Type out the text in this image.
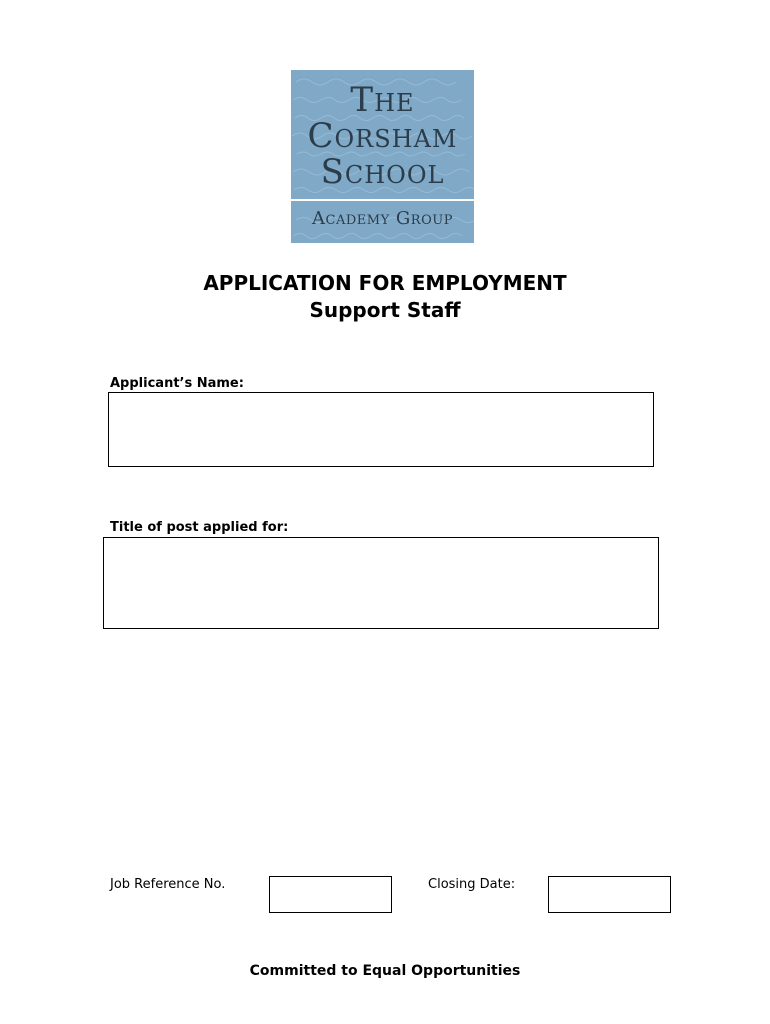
The
Corsham
School
Academy Group
APPLICATION FOR EMPLOYMENT
Support Staff
Applicant’s Name:
Title of post applied for:
Job Reference No.	Closing Date:
Committed to Equal Opportunities
